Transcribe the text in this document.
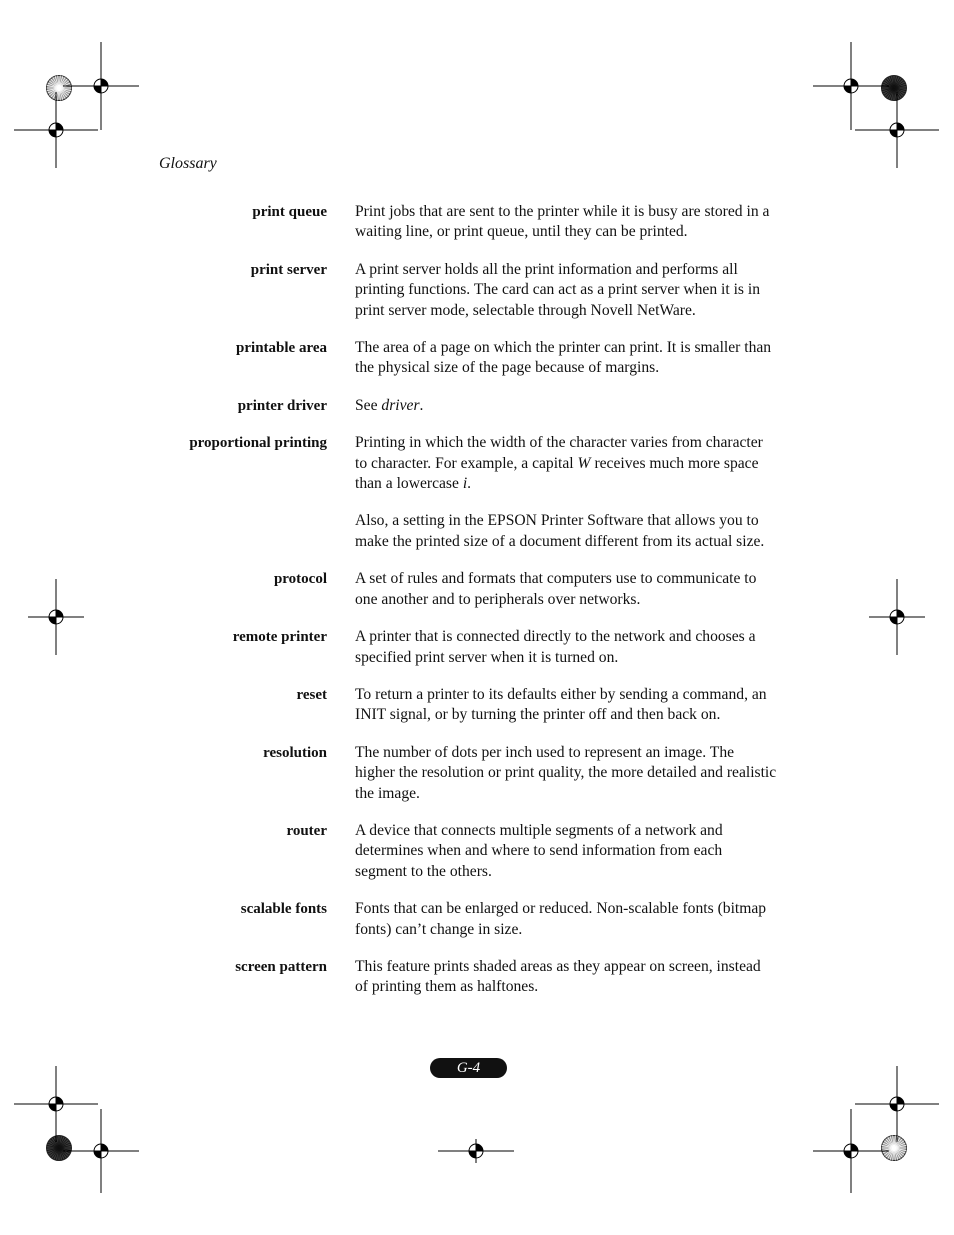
Glossary
print queue Print jobs that are sent to the printer while it is busy are stored in a waiting line, or print queue, until they can be printed.

print server A print server holds all the print information and performs all printing functions. The card can act as a print server when it is in print server mode, selectable through Novell NetWare.

printable area The area of a page on which the printer can print. It is smaller than the physical size of the page because of margins.

printer driver See driver.

proportional printing Printing in which the width of the character varies from character to character. For example, a capital W receives much more space than a lowercase i.

Also, a setting in the EPSON Printer Software that allows you to make the printed size of a document different from its actual size.

protocol A set of rules and formats that computers use to communicate to one another and to peripherals over networks.

remote printer A printer that is connected directly to the network and chooses a specified print server when it is turned on.

reset To return a printer to its defaults either by sending a command, an INIT signal, or by turning the printer off and then back on.

resolution The number of dots per inch used to represent an image. The higher the resolution or print quality, the more detailed and realistic the image.

router A device that connects multiple segments of a network and determines when and where to send information from each segment to the others.

scalable fonts Fonts that can be enlarged or reduced. Non-scalable fonts (bitmap fonts) can’t change in size.

screen pattern This feature prints shaded areas as they appear on screen, instead of printing them as halftones.

G-4
